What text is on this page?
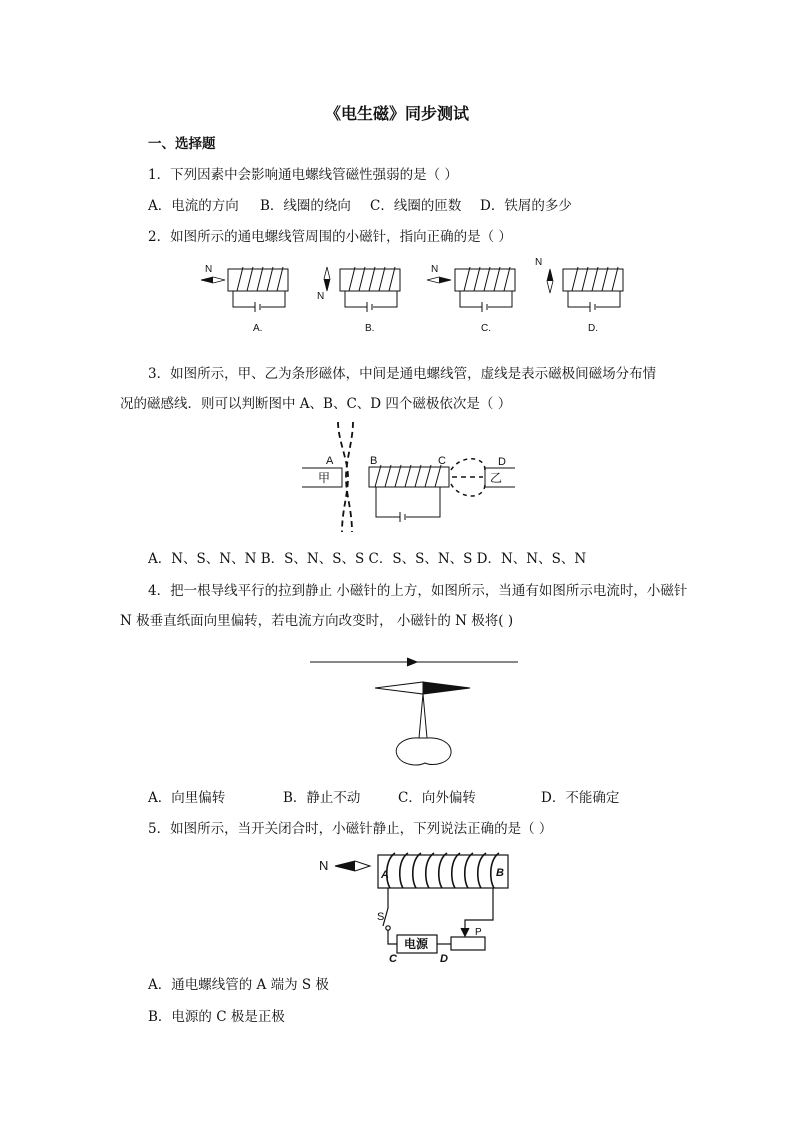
《电生磁》同步测试
一、选择题
1．下列因素中会影响通电螺线管磁性强弱的是（ ）
A．电流的方向 B．线圈的绕向 C．线圈的匝数 D．铁屑的多少
2．如图所示的通电螺线管周围的小磁针，指向正确的是（ ）
N
N
N
N
A.	B.	C.	D.
3．如图所示，甲、乙为条形磁体，中间是通电螺线管，虚线是表示磁极间磁场分布情
况的磁感线．则可以判断图中 A、B、C、D 四个磁极依次是（ ）
A	B	C	D
甲	乙
A．N、S、N、N B．S、N、S、S C．S、S、N、S D．N、N、S、N
4．把一根导线平行的拉到静止 小磁针的上方，如图所示，当通有如图所示电流时，小磁针
N 极垂直纸面向里偏转，若电流方向改变时， 小磁针的 N 极将( )
A．向里偏转	B．静止不动	C．向外偏转	D．不能确定
5．如图所示，当开关闭合时，小磁针静止，下列说法正确的是（ ）
N
A	B
S
C	D
P
电源
A．通电螺线管的 A 端为 S 极
B．电源的 C 极是正极
